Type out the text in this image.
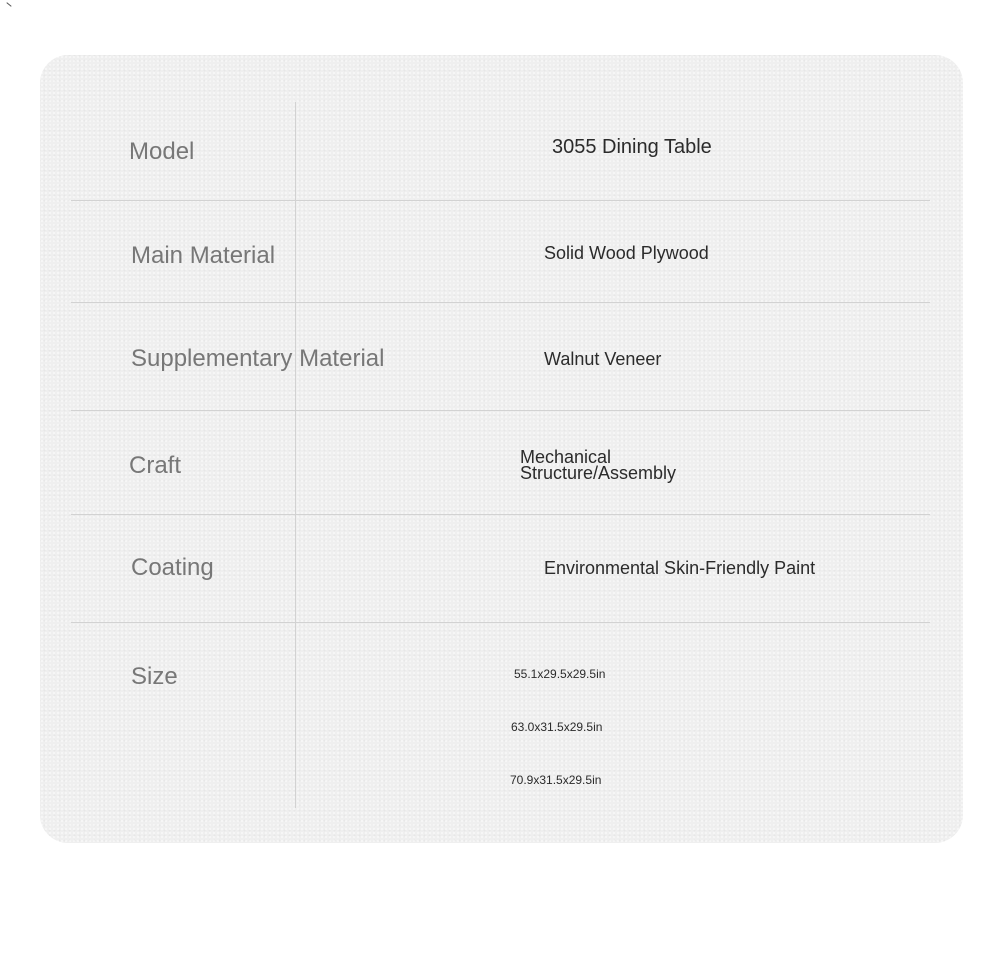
Model	3055 Dining Table
Main Material	Solid Wood Plywood
Supplementary Material	Walnut Veneer
Craft	Mechanical
Structure/Assembly
Coating	Environmental Skin-Friendly Paint
Size	55.1x29.5x29.5in
63.0x31.5x29.5in
70.9x31.5x29.5in
